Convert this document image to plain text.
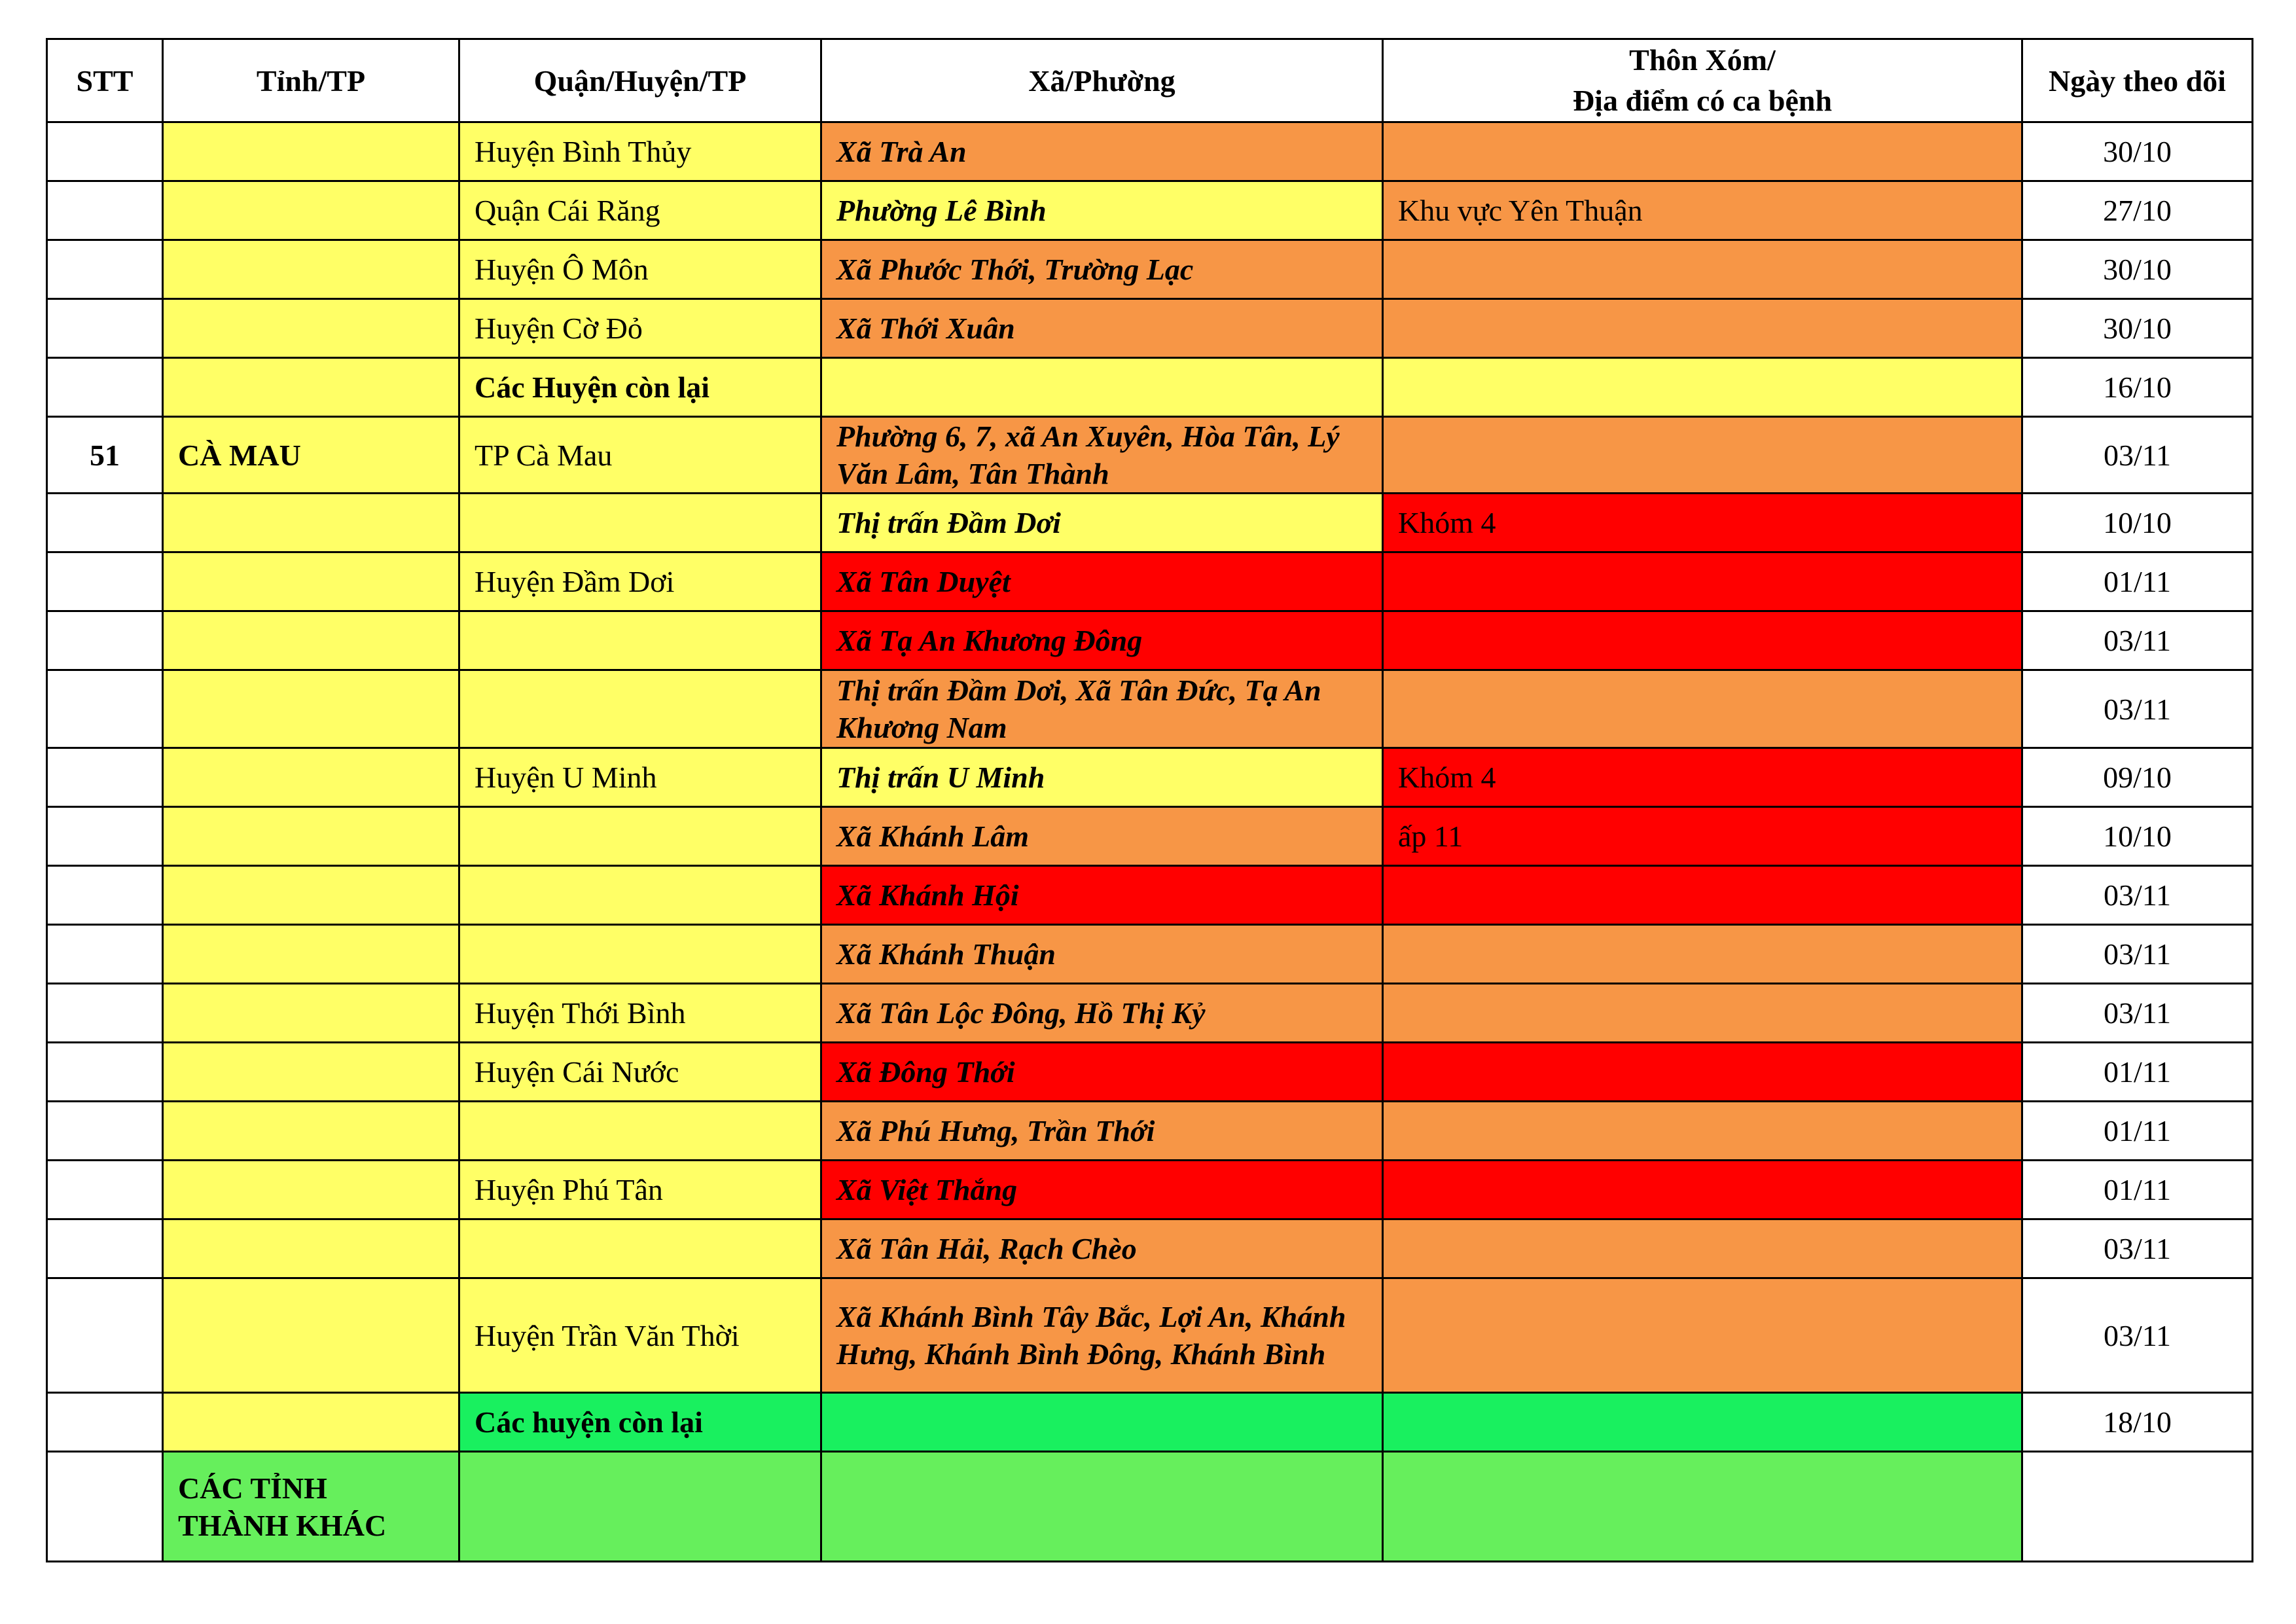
STT	Tỉnh/TP	Quận/Huyện/TP	Xã/Phường	Thôn Xóm/
Địa điểm có ca bệnh	Ngày theo dõi
		Huyện Bình Thủy	Xã Trà An		30/10
		Quận Cái Răng	Phường Lê Bình	Khu vực Yên Thuận	27/10
		Huyện Ô Môn	Xã Phước Thới, Trường Lạc		30/10
		Huyện Cờ Đỏ	Xã Thới Xuân		30/10
		Các Huyện còn lại			16/10
51	CÀ MAU	TP Cà Mau	Phường 6, 7, xã An Xuyên, Hòa Tân, Lý Văn Lâm, Tân Thành		03/11
			Thị trấn Đầm Dơi	Khóm 4	10/10
		Huyện Đầm Dơi	Xã Tân Duyệt		01/11
			Xã Tạ An Khương Đông		03/11
			Thị trấn Đầm Dơi, Xã Tân Đức, Tạ An Khương Nam		03/11
		Huyện U Minh	Thị trấn U Minh	Khóm 4	09/10
			Xã Khánh Lâm	ấp 11	10/10
			Xã Khánh Hội		03/11
			Xã Khánh Thuận		03/11
		Huyện Thới Bình	Xã Tân Lộc Đông, Hồ Thị Kỷ		03/11
		Huyện Cái Nước	Xã Đông Thới		01/11
			Xã Phú Hưng, Trần Thới		01/11
		Huyện Phú Tân	Xã Việt Thắng		01/11
			Xã Tân Hải, Rạch Chèo		03/11
		Huyện Trần Văn Thời	Xã Khánh Bình Tây Bắc, Lợi An, Khánh Hưng, Khánh Bình Đông, Khánh Bình		03/11
		Các huyện còn lại			18/10
	CÁC TỈNH THÀNH KHÁC				
